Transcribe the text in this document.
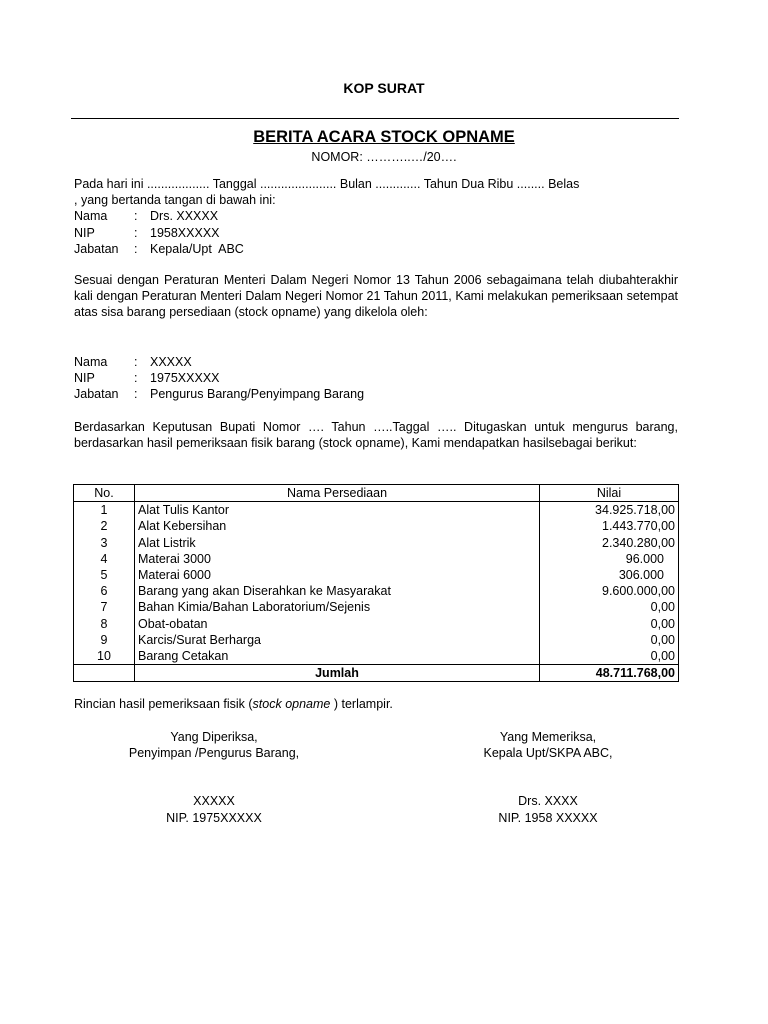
KOP SURAT
BERITA ACARA STOCK OPNAME
NOMOR: ………..…/20….
Pada hari ini .................. Tanggal ...................... Bulan ............. Tahun Dua Ribu ........ Belas
, yang bertanda tangan di bawah ini:
Nama	:	Drs. XXXXX
NIP	:	1958XXXXX
Jabatan	:	Kepala/Upt  ABC
Sesuai dengan Peraturan Menteri Dalam Negeri Nomor 13 Tahun 2006 sebagaimana telah diubahterakhir kali dengan Peraturan Menteri Dalam Negeri Nomor 21 Tahun 2011, Kami melakukan pemeriksaan setempat atas sisa barang persediaan (stock opname) yang dikelola oleh:
Nama	:	XXXXX
NIP	:	1975XXXXX
Jabatan	:	Pengurus Barang/Penyimpang Barang
Berdasarkan Keputusan Bupati Nomor …. Tahun …..Taggal ….. Ditugaskan untuk mengurus barang, berdasarkan hasil pemeriksaan fisik barang (stock opname), Kami mendapatkan hasilsebagai berikut:
No.	Nama Persediaan	Nilai
1	Alat Tulis Kantor	34.925.718,00
2	Alat Kebersihan	1.443.770,00
3	Alat Listrik	2.340.280,00
4	Materai 3000	96.000
5	Materai 6000	306.000
6	Barang yang akan Diserahkan ke Masyarakat	9.600.000,00
7	Bahan Kimia/Bahan Laboratorium/Sejenis	0,00
8	Obat-obatan	0,00
9	Karcis/Surat Berharga	0,00
10	Barang Cetakan	0,00
	Jumlah	48.711.768,00
Rincian hasil pemeriksaan fisik (stock opname ) terlampir.
Yang Diperiksa,
Penyimpan /Pengurus Barang,
XXXXX
NIP. 1975XXXXX
Yang Memeriksa,
Kepala Upt/SKPA ABC,
Drs. XXXX
NIP. 1958 XXXXX
